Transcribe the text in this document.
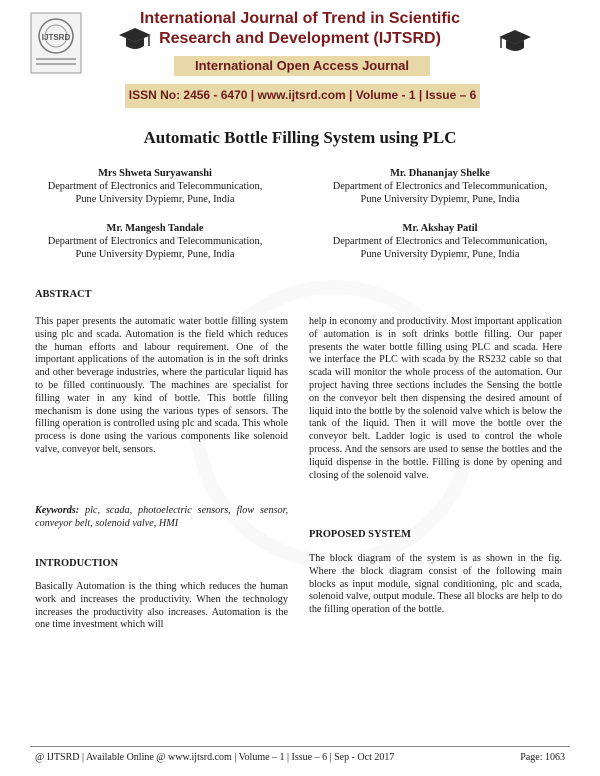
IJTSRD
International Journal of Trend in Scientific
Research and Development (IJTSRD)
International Open Access Journal
ISSN No: 2456 - 6470 | www.ijtsrd.com | Volume - 1 | Issue – 6
Automatic Bottle Filling System using PLC
Mrs Shweta Suryawanshi
Department of Electronics and Telecommunication,
Pune University Dypiemr, Pune, India
Mr. Dhananjay Shelke
Department of Electronics and Telecommunication,
Pune University Dypiemr, Pune, India
Mr. Mangesh Tandale
Department of Electronics and Telecommunication,
Pune University Dypiemr, Pune, India
Mr. Akshay Patil
Department of Electronics and Telecommunication,
Pune University Dypiemr, Pune, India
ABSTRACT
This paper presents the automatic water bottle filling system using plc and scada. Automation is the field which reduces the human efforts and labour requirement. One of the important applications of the automation is in the soft drinks and other beverage industries, where the particular liquid has to be filled continuously. The machines are specialist for filling water in any kind of bottle. This bottle filling mechanism is done using the various types of sensors. The filling operation is controlled using plc and scada. This whole process is done using the various components like solenoid valve, conveyor belt, sensors.
Keywords: plc, scada, photoelectric sensors, flow sensor, conveyor belt, solenoid valve, HMI
INTRODUCTION
Basically Automation is the thing which reduces the human work and increases the productivity. When the technology increases the productivity also increases. Automation is the one time investment which will
help in economy and productivity. Most important application of automation is in soft drinks bottle filling. Our paper presents the water bottle filling using PLC and scada. Here we interface the PLC with scada by the RS232 cable so that scada will monitor the whole process of the automation. Our project having three sections includes the Sensing the bottle on the conveyor belt then dispensing the desired amount of liquid into the bottle by the solenoid valve which is below the tank of the liquid. Then it will move the bottle over the conveyor belt. Ladder logic is used to control the whole process. And the sensors are used to sense the bottles and the liquid dispense in the bottle. Filling is done by opening and closing of the solenoid valve.
PROPOSED SYSTEM
The block diagram of the system is as shown in the fig. Where the block diagram consist of the following main blocks as input module, signal conditioning, plc and scada, solenoid valve, output module. These all blocks are help to do the filling operation of the bottle.
@ IJTSRD | Available Online @ www.ijtsrd.com | Volume – 1 | Issue – 6 | Sep - Oct 2017	Page: 1063
